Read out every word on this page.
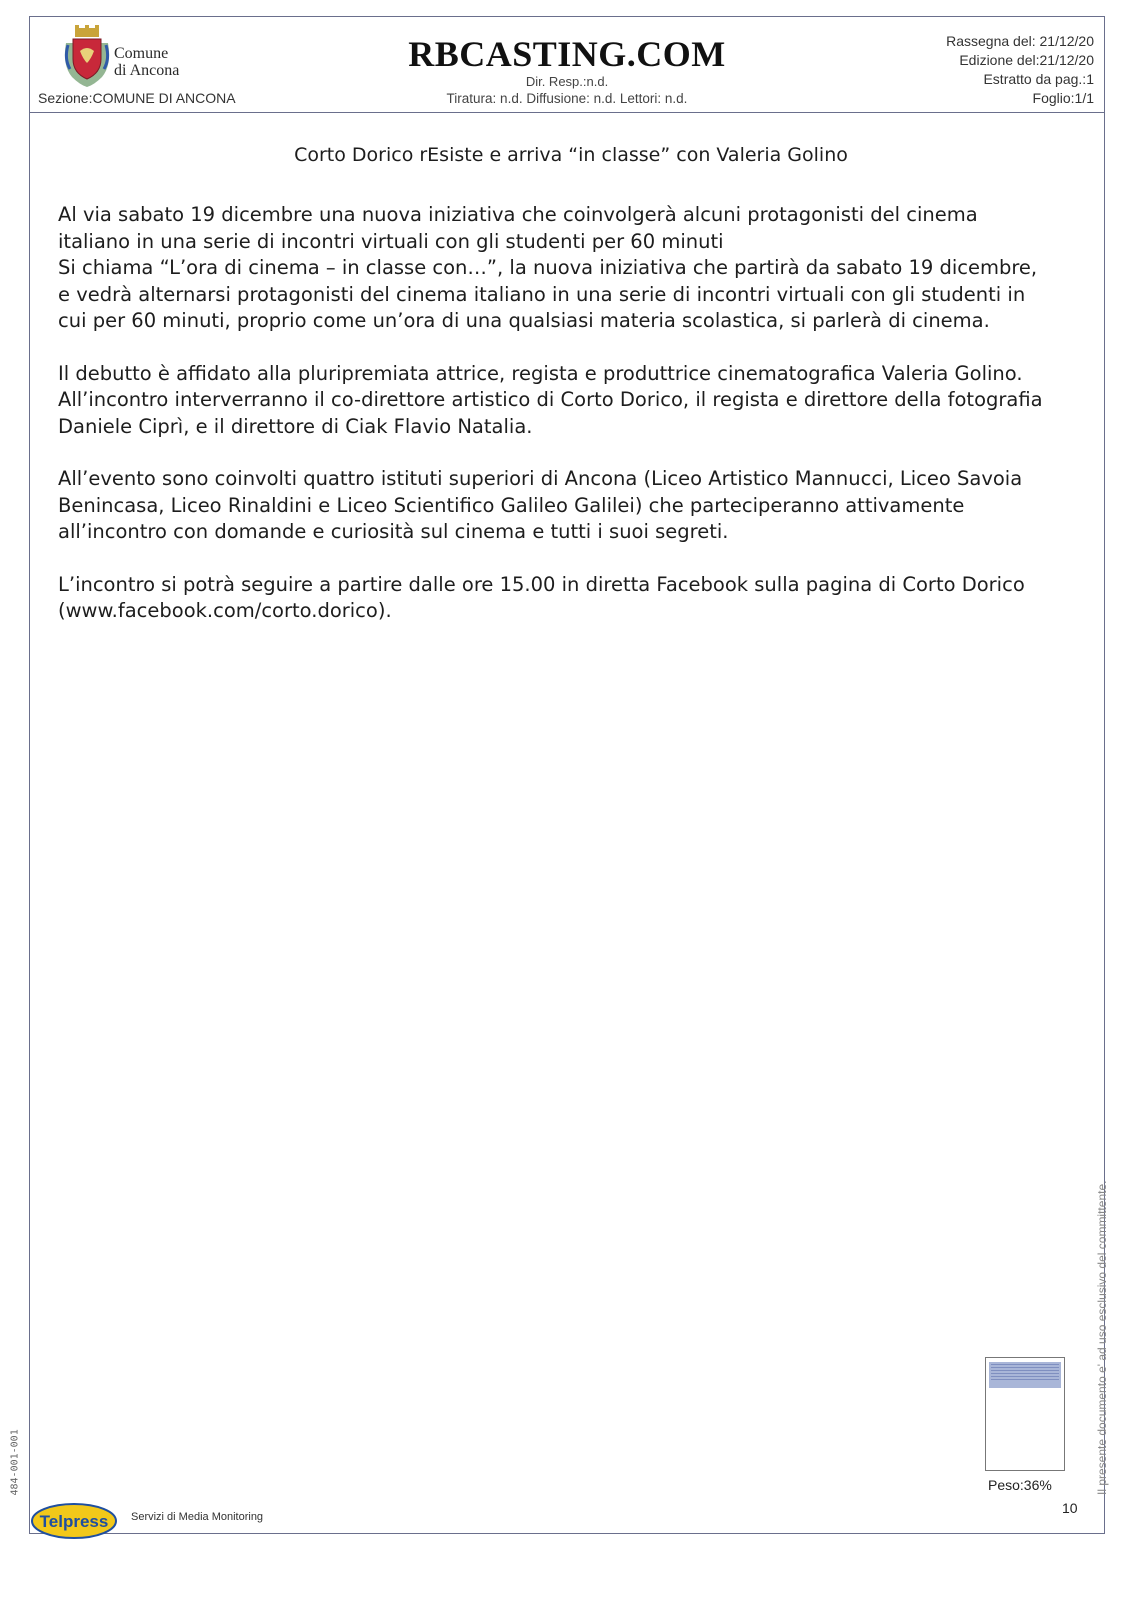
Comune
di Ancona
Sezione:COMUNE DI ANCONA
RBCASTING.COM
Dir. Resp.:n.d.
Tiratura: n.d. Diffusione: n.d. Lettori: n.d.
Rassegna del: 21/12/20
Edizione del:21/12/20
Estratto da pag.:1
Foglio:1/1
Corto Dorico rEsiste e arriva “in classe” con Valeria Golino

Al via sabato 19 dicembre una nuova iniziativa che coinvolgerà alcuni protagonisti del cinema italiano in una serie di incontri virtuali con gli studenti per 60 minuti

Si chiama “L’ora di cinema – in classe con…”, la nuova iniziativa che partirà da sabato 19 dicembre, e vedrà alternarsi protagonisti del cinema italiano in una serie di incontri virtuali con gli studenti in cui per 60 minuti, proprio come un’ora di una qualsiasi materia scolastica, si parlerà di cinema.

Il debutto è affidato alla pluripremiata attrice, regista e produttrice cinematografica Valeria Golino. All’incontro interverranno il co-direttore artistico di Corto Dorico, il regista e direttore della fotografia Daniele Ciprì, e il direttore di Ciak Flavio Natalia.

All’evento sono coinvolti quattro istituti superiori di Ancona (Liceo Artistico Mannucci, Liceo Savoia Benincasa, Liceo Rinaldini e Liceo Scientifico Galileo Galilei) che parteciperanno attivamente all’incontro con domande e curiosità sul cinema e tutti i suoi segreti.

L’incontro si potrà seguire a partire dalle ore 15.00 in diretta Facebook sulla pagina di Corto Dorico (www.facebook.com/corto.dorico).

Peso:36%
484-001-001	Il presente documento e' ad uso esclusivo del committente.
10
Telpress Servizi di Media Monitoring
